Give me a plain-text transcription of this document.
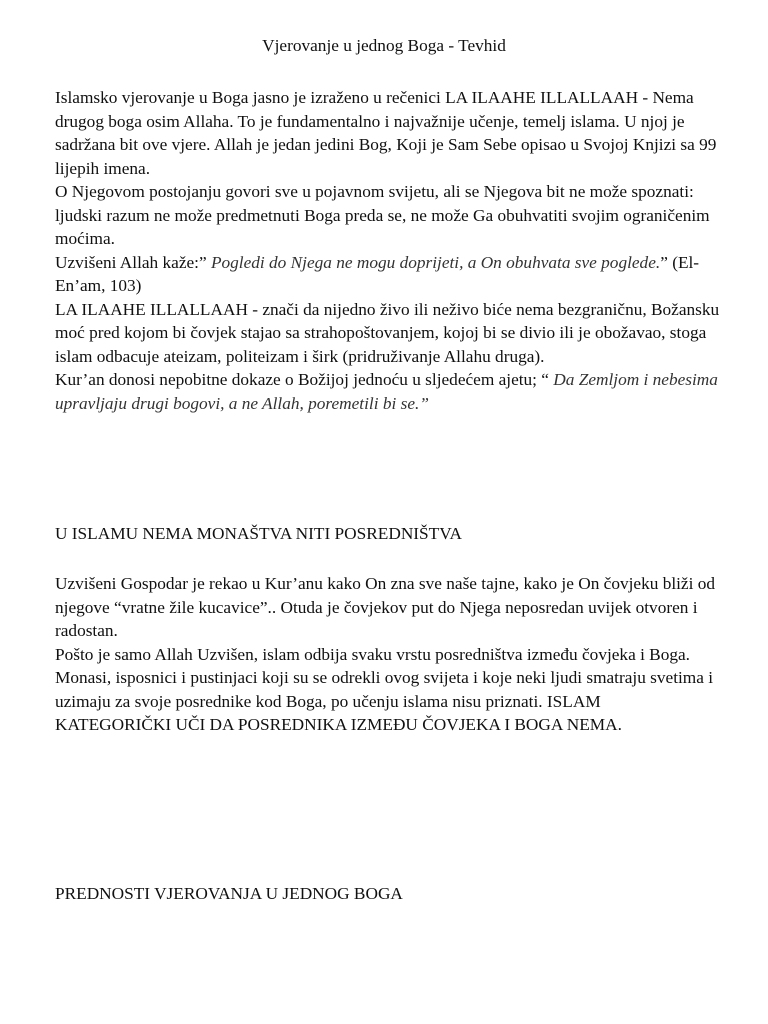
Vjerovanje u jednog Boga - Tevhid

Islamsko vjerovanje u Boga jasno je izraženo u rečenici LA ILAAHE ILLALLAAH - Nema drugog boga osim Allaha. To je fundamentalno i najvažnije učenje, temelj islama. U njoj je sadržana bit ove vjere. Allah je jedan jedini Bog, Koji je Sam Sebe opisao u Svojoj Knjizi sa 99 lijepih imena.

O Njegovom postojanju govori sve u pojavnom svijetu, ali se Njegova bit ne može spoznati: ljudski razum ne može predmetnuti Boga preda se, ne može Ga obuhvatiti svojim ograničenim moćima.

Uzvišeni Allah kaže:” Pogledi do Njega ne mogu doprijeti, a On obuhvata sve poglede.” (El-En’am, 103)

LA ILAAHE ILLALLAAH - znači da nijedno živo ili neživo biće nema bezgraničnu, Božansku moć pred kojom bi čovjek stajao sa strahopoštovanjem, kojoj bi se divio ili je obožavao, stoga islam odbacuje ateizam, politeizam i širk (pridruživanje Allahu druga).

Kur’an donosi nepobitne dokaze o Božijoj jednoću u sljedećem ajetu; “ Da Zemljom i nebesima upravljaju drugi bogovi, a ne Allah, poremetili bi se.”

U ISLAMU NEMA MONAŠTVA NITI POSREDNIŠTVA

Uzvišeni Gospodar je rekao u Kur’anu kako On zna sve naše tajne, kako je On čovjeku bliži od njegove “vratne žile kucavice”.. Otuda je čovjekov put do Njega neposredan uvijek otvoren i radostan.

Pošto je samo Allah Uzvišen, islam odbija svaku vrstu posredništva između čovjeka i Boga.

Monasi, isposnici i pustinjaci koji su se odrekli ovog svijeta i koje neki ljudi smatraju svetima i uzimaju za svoje posrednike kod Boga, po učenju islama nisu priznati. ISLAM KATEGORIČKI UČI DA POSREDNIKA IZMEĐU ČOVJEKA I BOGA NEMA.

PREDNOSTI VJEROVANJA U JEDNOG BOGA
